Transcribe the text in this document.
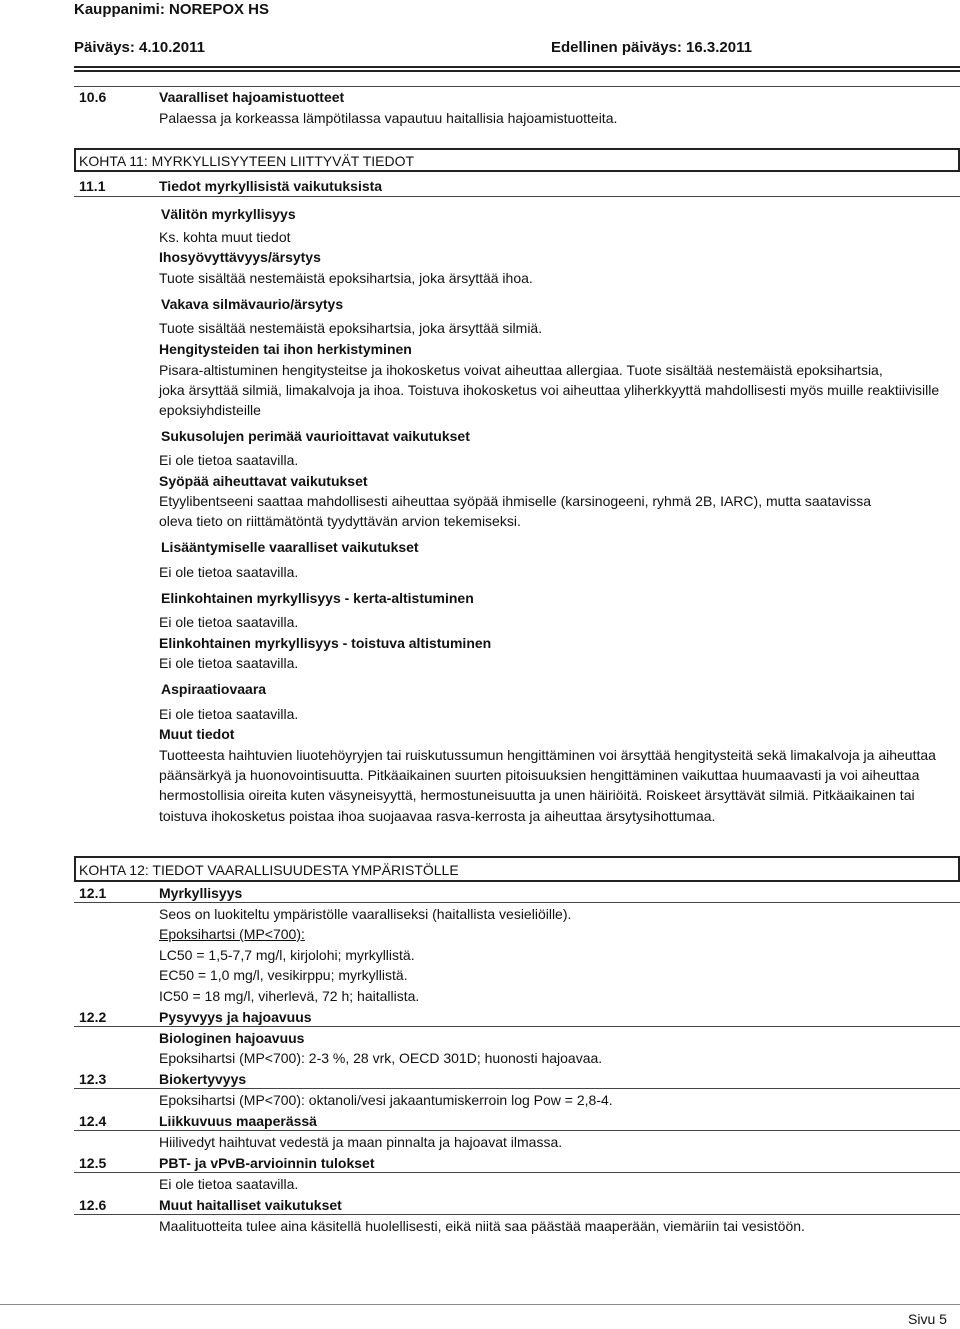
Kauppanimi: NOREPOX HS
Päiväys: 4.10.2011	Edellinen päiväys: 16.3.2011
10.6	Vaaralliset hajoamistuotteet
Palaessa ja korkeassa lämpötilassa vapautuu haitallisia hajoamistuotteita.
KOHTA 11: MYRKYLLISYYTEEN LIITTYVÄT TIEDOT
11.1	Tiedot myrkyllisistä vaikutuksista
Välitön myrkyllisyys
Ks. kohta muut tiedot
Ihosyövyttävyys/ärsytys
Tuote sisältää nestemäistä epoksihartsia, joka ärsyttää ihoa.
Vakava silmävaurio/ärsytys
Tuote sisältää nestemäistä epoksihartsia, joka ärsyttää silmiä.
Hengitysteiden tai ihon herkistyminen
Pisara-altistuminen hengitysteitse ja ihokosketus voivat aiheuttaa allergiaa. Tuote sisältää nestemäistä epoksihartsia,
joka ärsyttää silmiä, limakalvoja ja ihoa. Toistuva ihokosketus voi aiheuttaa yliherkkyyttä mahdollisesti myös muille reaktiivisille
epoksiyhdisteille
Sukusolujen perimää vaurioittavat vaikutukset
Ei ole tietoa saatavilla.
Syöpää aiheuttavat vaikutukset
Etyylibentseeni saattaa mahdollisesti aiheuttaa syöpää ihmiselle (karsinogeeni, ryhmä 2B, IARC), mutta saatavissa
oleva tieto on riittämätöntä tyydyttävän arvion tekemiseksi.
Lisääntymiselle vaaralliset vaikutukset
Ei ole tietoa saatavilla.
Elinkohtainen myrkyllisyys - kerta-altistuminen
Ei ole tietoa saatavilla.
Elinkohtainen myrkyllisyys - toistuva altistuminen
Ei ole tietoa saatavilla.
Aspiraatiovaara
Ei ole tietoa saatavilla.
Muut tiedot
Tuotteesta haihtuvien liuotehöyryjen tai ruiskutussumun hengittäminen voi ärsyttää hengitysteitä sekä limakalvoja ja aiheuttaa
päänsärkyä ja huonovointisuutta. Pitkäaikainen suurten pitoisuuksien hengittäminen vaikuttaa huumaavasti ja voi aiheuttaa
hermostollisia oireita kuten väsyneisyyttä, hermostuneisuutta ja unen häiriöitä. Roiskeet ärsyttävät silmiä. Pitkäaikainen tai
toistuva ihokosketus poistaa ihoa suojaavaa rasva-kerrosta ja aiheuttaa ärsytysihottumaa.
KOHTA 12: TIEDOT VAARALLISUUDESTA YMPÄRISTÖLLE
12.1	Myrkyllisyys
Seos on luokiteltu ympäristölle vaaralliseksi (haitallista vesieliöille).
Epoksihartsi (MP<700):
LC50 = 1,5-7,7 mg/l, kirjolohi; myrkyllistä.
EC50 = 1,0 mg/l, vesikirppu; myrkyllistä.
IC50 = 18 mg/l, viherlevä, 72 h; haitallista.
12.2	Pysyvyys ja hajoavuus
Biologinen hajoavuus
Epoksihartsi (MP<700): 2-3 %, 28 vrk, OECD 301D; huonosti hajoavaa.
12.3	Biokertyvyys
Epoksihartsi (MP<700): oktanoli/vesi jakaantumiskerroin log Pow = 2,8-4.
12.4	Liikkuvuus maaperässä
Hiilivedyt haihtuvat vedestä ja maan pinnalta ja hajoavat ilmassa.
12.5	PBT- ja vPvB-arvioinnin tulokset
Ei ole tietoa saatavilla.
12.6	Muut haitalliset vaikutukset
Maalituotteita tulee aina käsitellä huolellisesti, eikä niitä saa päästää maaperään, viemäriin tai vesistöön.
Sivu 5
